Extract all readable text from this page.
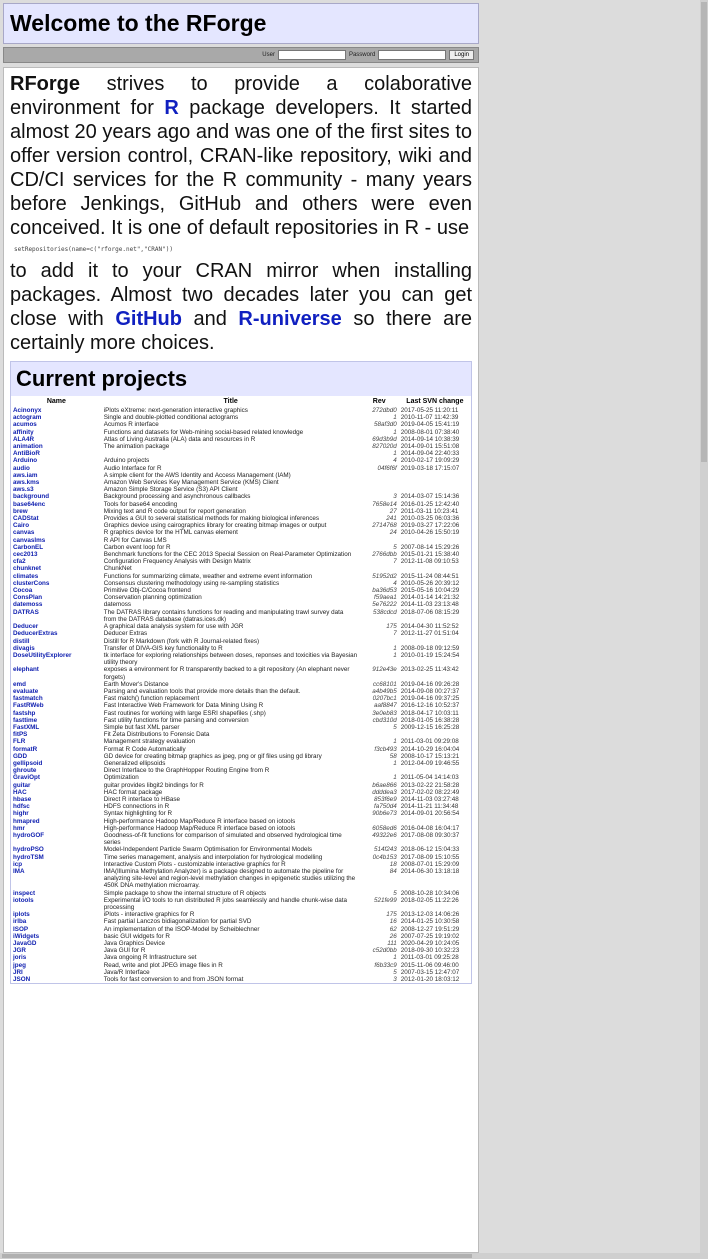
Welcome to the RForge
User	Password	Login

RForge strives to provide a colaborative environment for R package developers. It started almost 20 years ago and was one of the first sites to offer version control, CRAN-like repository, wiki and CD/CI services for the R community - many years before Jenkings, GitHub and others were even conceived. It is one of default repositories in R - use

setRepositories(name=c("rforge.net","CRAN"))

to add it to your CRAN mirror when installing packages. Almost two decades later you can get close with GitHub and R-universe so there are certainly more choices.

Current projects
Name	Title	Rev	Last SVN change
Acinonyx	iPlots eXtreme: next-generation interactive graphics	272dbd0	2017-05-25 11:20:11
actogram	Single and double-plotted conditional actograms	1	2010-11-07 11:42:39
acumos	Acumos R interface	58af3d0	2019-04-05 15:41:19
affinity	Functions and datasets for Web-mining social-based related knowledge	1	2008-08-01 07:38:40
ALA4R	Atlas of Living Australia (ALA) data and resources in R	69d3b9d	2014-09-14 10:38:39
animation	The animation package	827020d	2014-09-01 15:51:08
AntiBioR		1	2014-09-04 22:40:33
Arduino	Arduino projects	4	2010-02-17 19:09:29
audio	Audio Interface for R	04f6f6f	2019-03-18 17:15:07
aws.iam	A simple client for the AWS Identity and Access Management (IAM)		
aws.kms	Amazon Web Services Key Management Service (KMS) Client		
aws.s3	Amazon Simple Storage Service (S3) API Client		
background	Background processing and asynchronous callbacks	3	2014-03-07 15:14:36
base64enc	Tools for base64 encoding	7658e14	2016-01-25 12:42:40
brew	Mixing text and R code output for report generation	27	2011-03-11 10:23:41
CADStat	Provides a GUI to several statistical methods for making biological inferences	241	2010-03-25 06:03:36
Cairo	Graphics device using cairographics library for creating bitmap images or output	2714768	2019-03-27 17:22:06
canvas	R graphics device for the HTML canvas element	24	2010-04-26 15:50:19
canvaslms	R API for Canvas LMS		
CarbonEL	Carbon event loop for R	5	2007-08-14 15:29:26
cec2013	Benchmark functions for the CEC 2013 Special Session on Real-Parameter Optimization	2766dbb	2015-01-21 15:38:40
cfa2	Configuration Frequency Analysis with Design Matrix	7	2012-11-08 09:10:53
chunknet	ChunkNet		
climates	Functions for summarizing climate, weather and extreme event information	51952d2	2015-11-24 08:44:51
clusterCons	Consensus clustering methodology using re-sampling statistics	4	2010-05-26 20:39:12
Cocoa	Primitive Obj-C/Cocoa frontend	ba36d53	2015-05-16 10:04:29
ConsPlan	Conservation planning optimization	f59aea1	2014-01-14 14:21:32
datemoss	datemoss	5e76222	2014-11-03 23:13:48
DATRAS	The DATRAS library contains functions for reading and manipulating trawl survey data from the DATRAS database (datras.ices.dk)	538cdcd	2018-07-06 08:15:29
Deducer	A graphical data analysis system for use with JGR	175	2014-04-30 11:52:52
DeducerExtras	Deducer Extras	7	2012-11-27 01:51:04
distill	Distill for R Markdown (fork with R Journal-related fixes)		
divagis	Transfer of DIVA-GIS key functionality to R	1	2008-09-18 09:12:59
DoseUtilityExplorer	tk interface for exploring relationships between doses, reponses and toxicities via Bayesian utility theory	1	2010-01-19 15:24:54
elephant	exposes a environment for R transparently backed to a git repository (An elephant never forgets)	912e43e	2013-02-25 11:43:42
emd	Earth Mover's Distance	cc68101	2019-04-16 09:26:28
evaluate	Parsing and evaluation tools that provide more details than the default.	a4b49b5	2014-09-08 00:27:37
fastmatch	Fast match() function replacement	0207bc1	2019-04-16 09:37:25
FastRWeb	Fast Interactive Web Framework for Data Mining Using R	aaf8847	2016-12-16 10:52:37
fastshp	Fast routines for working with large ESRI shapefiles (.shp)	3e0eb83	2018-04-17 10:03:11
fasttime	Fast utility functions for time parsing and conversion	cbd310d	2018-01-05 16:38:28
FastXML	Simple but fast XML parser	5	2009-12-15 16:25:28
fitPS	Fit Zeta Distributions to Forensic Data		
FLR	Management strategy evaluation	1	2011-03-01 09:29:08
formatR	Format R Code Automatically	f3cb493	2014-10-29 16:04:04
GDD	GD device for creating bitmap graphics as jpeg, png or gif files using gd library	58	2008-10-17 15:13:21
gellipsoid	Generalized ellipsoids	1	2012-04-09 19:46:55
ghroute	Direct Interface to the GraphHopper Routing Engine from R		
GraviOpt	Optimization	1	2011-05-04 14:14:03
guitar	guitar provides libgit2 bindings for R	b6ae866	2013-02-22 21:58:28
HAC	HAC format package	ddddea3	2017-02-02 08:22:49
hbase	Direct R interface to HBase	853f6e9	2014-11-03 03:27:48
hdfsc	HDFS connections in R	fa750d4	2014-11-21 11:34:48
highr	Syntax highlighting for R	90b6e73	2014-09-01 20:56:54
hmapred	High-performance Hadoop Map/Reduce R interface based on iotools		
hmr	High-performance Hadoop Map/Reduce R interface based on iotools	6058ed6	2016-04-08 16:04:17
hydroGOF	Goodness-of-fit functions for comparison of simulated and observed hydrological time series	49322e6	2017-08-08 09:30:37
hydroPSO	Model-Independent Particle Swarm Optimisation for Environmental Models	514f243	2018-06-12 15:04:33
hydroTSM	Time series management, analysis and interpolation for hydrological modelling	0c4b153	2017-08-09 15:10:55
icp	Interactive Custom Plots - customizable interactive graphics for R	18	2008-07-01 15:29:09
IMA	IMA(Illumina Methylation Analyzer) is a package designed to automate the pipeline for analyzing site-level and region-level methylation changes in epigenetic studies utilizing the 450K DNA methylation microarray.	84	2014-06-30 13:18:18
inspect	Simple package to show the internal structure of R objects	5	2008-10-28 10:34:06
iotools	Experimental I/O tools to run distributed R jobs seamlessly and handle chunk-wise data processing	521fe99	2018-02-05 11:22:26
iplots	iPlots - interactive graphics for R	175	2013-12-03 14:06:26
irlba	Fast partial Lanczos bidiagonalization for partial SVD	16	2014-01-25 10:30:58
ISOP	An implementation of the ISOP-Model by Scheiblechner	62	2008-12-27 19:51:29
iWidgets	basic GUI widgets for R	26	2007-07-25 19:19:02
JavaGD	Java Graphics Device	111	2020-04-29 10:24:05
JGR	Java GUI for R	c52d0bb	2018-09-30 10:32:23
joris	Java ongoing R Infrastructure set	1	2011-03-01 09:25:28
jpeg	Read, write and plot JPEG image files in R	f6b33c9	2015-11-06 09:46:00
JRI	Java/R Interface	5	2007-03-15 12:47:07
JSON	Tools for fast conversion to and from JSON format	3	2012-01-20 18:03:12
